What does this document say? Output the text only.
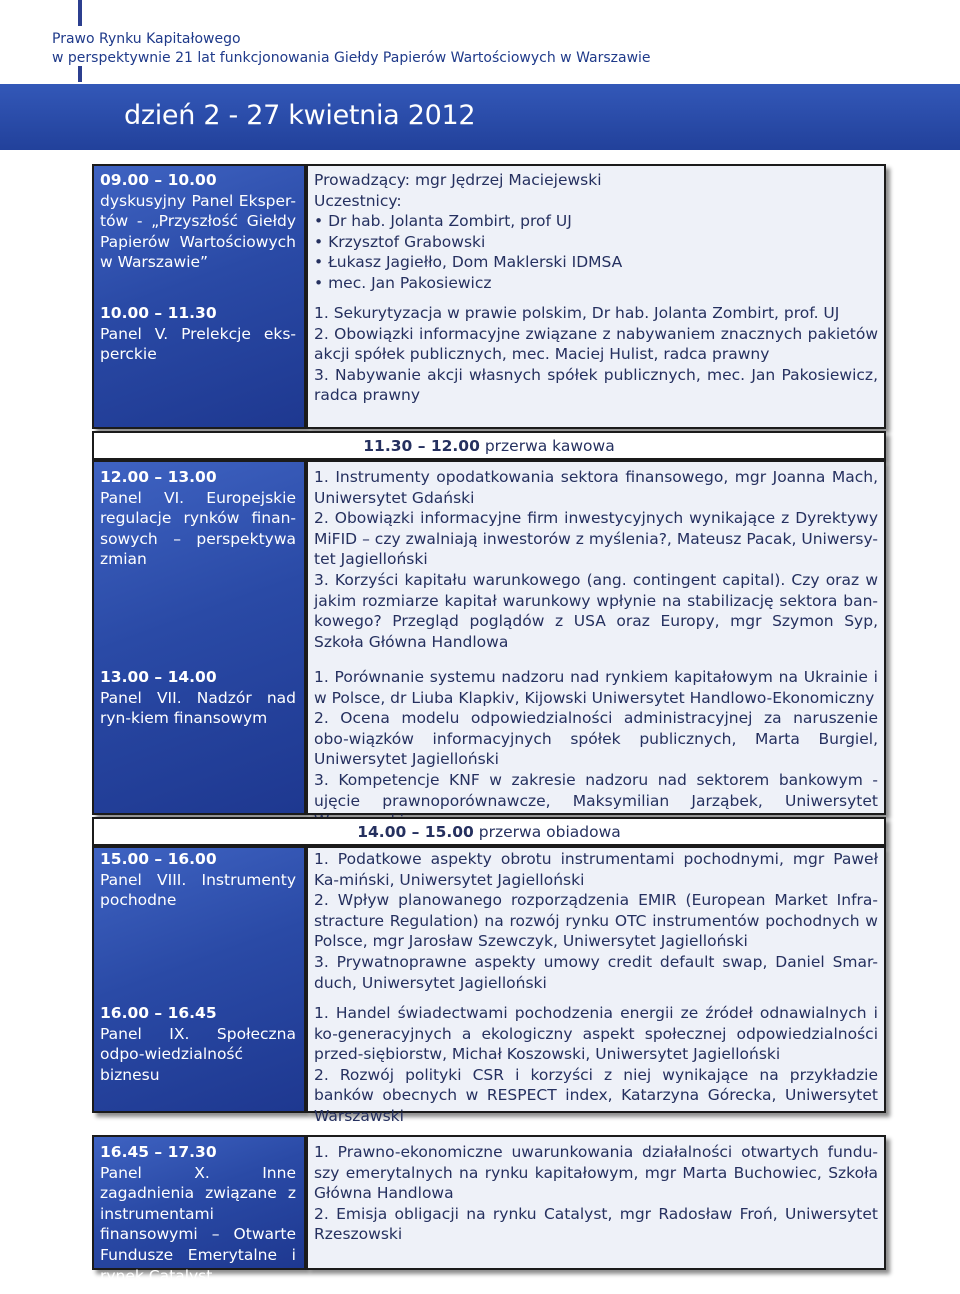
Prawo Rynku Kapitałowego
w perspektywnie 21 lat funkcjonowania Giełdy Papierów Wartościowych w Warszawie
dzień 2 - 27 kwietnia 2012
09.00 – 10.00
dyskusyjny Panel Eksper-tów - „Przyszłość Giełdy Papierów Wartościowych w Warszawie”
10.00 – 11.30
Panel V. Prelekcje eks-perckie
Prowadzący: mgr Jędrzej Maciejewski
Uczestnicy:
• Dr hab. Jolanta Zombirt, prof UJ
• Krzysztof Grabowski
• Łukasz Jagiełło, Dom Maklerski IDMSA
• mec. Jan Pakosiewicz
1. Sekurytyzacja w prawie polskim, Dr hab. Jolanta Zombirt, prof. UJ
2. Obowiązki informacyjne związane z nabywaniem znacznych pakietów akcji spółek publicznych, mec. Maciej Hulist, radca prawny
3. Nabywanie akcji własnych spółek publicznych, mec. Jan Pakosiewicz, radca prawny
11.30 – 12.00 przerwa kawowa
12.00 – 13.00
Panel VI. Europejskie regulacje rynków finan-sowych – perspektywa zmian
13.00 – 14.00
Panel VII. Nadzór nad ryn-kiem finansowym
1. Instrumenty opodatkowania sektora finansowego, mgr Joanna Mach, Uniwersytet Gdański
2. Obowiązki informacyjne firm inwestycyjnych wynikające z Dyrektywy MiFID – czy zwalniają inwestorów z myślenia?, Mateusz Pacak, Uniwersy-tet Jagielloński
3. Korzyści kapitału warunkowego (ang. contingent capital). Czy oraz w jakim rozmiarze kapitał warunkowy wpłynie na stabilizację sektora ban-kowego? Przegląd poglądów z USA oraz Europy, mgr Szymon Syp, Szkoła Główna Handlowa
1. Porównanie systemu nadzoru nad rynkiem kapitałowym na Ukrainie i w Polsce, dr Liuba Klapkiv, Kijowski Uniwersytet Handlowo-Ekonomiczny
2. Ocena modelu odpowiedzialności administracyjnej za naruszenie obo-wiązków informacyjnych spółek publicznych, Marta Burgiel, Uniwersytet Jagielloński
3. Kompetencje KNF w zakresie nadzoru nad sektorem bankowym - ujęcie prawnoporównawcze, Maksymilian Jarząbek, Uniwersytet
14.00 – 15.00 przerwa obiadowa
15.00 – 16.00
Panel VIII. Instrumenty pochodne
16.00 – 16.45
Panel IX. Społeczna odpo-wiedzialność biznesu
1. Podatkowe aspekty obrotu instrumentami pochodnymi, mgr Paweł Ka-miński, Uniwersytet Jagielloński
2. Wpływ planowanego rozporządzenia EMIR (European Market Infra-stracture Regulation) na rozwój rynku OTC instrumentów pochodnych w Polsce, mgr Jarosław Szewczyk, Uniwersytet Jagielloński
3. Prywatnoprawne aspekty umowy credit default swap, Daniel Smar-duch, Uniwersytet Jagielloński
1. Handel świadectwami pochodzenia energii ze źródeł odnawialnych i ko-generacyjnych a ekologiczny aspekt społecznej odpowiedzialności przed-siębiorstw, Michał Koszowski, Uniwersytet Jagielloński
2. Rozwój polityki CSR i korzyści z niej wynikające na przykładzie banków obecnych w RESPECT index, Katarzyna Górecka, Uniwersytet Warszawski
16.45 – 17.30
Panel X. Inne zagadnienia związane z instrumentami finansowymi – Otwarte Fundusze Emerytalne i rynek Catalyst
1. Prawno-ekonomiczne uwarunkowania działalności otwartych fundu-szy emerytalnych na rynku kapitałowym, mgr Marta Buchowiec, Szkoła Główna Handlowa
2. Emisja obligacji na rynku Catalyst, mgr Radosław Froń, Uniwersytet Rzeszowski
